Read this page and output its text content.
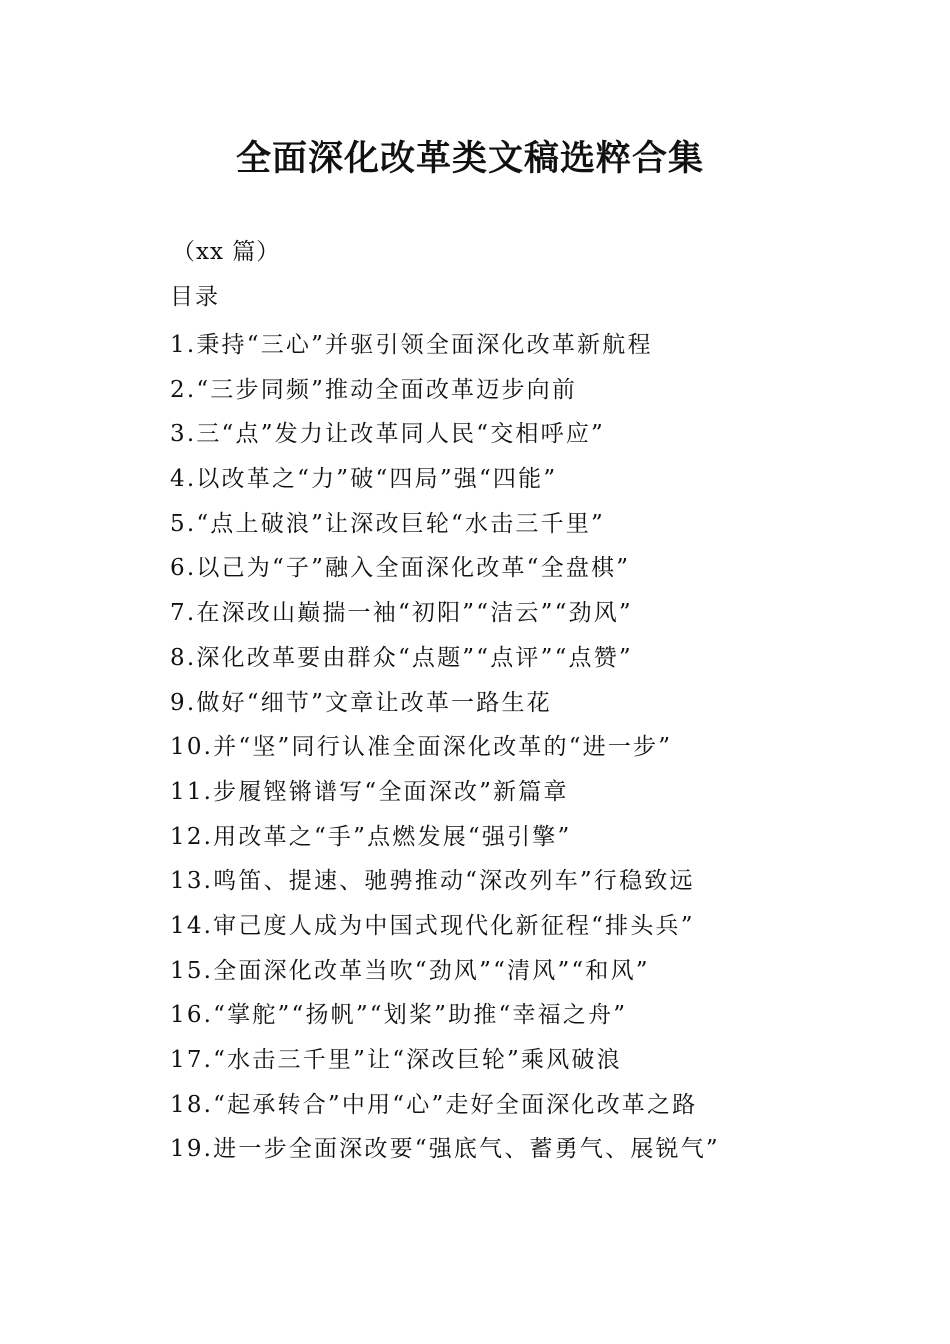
全面深化改革类文稿选粹合集

（xx 篇）

目录

1.秉持“三心”并驱引领全面深化改革新航程
2.“三步同频”推动全面改革迈步向前
3.三“点”发力让改革同人民“交相呼应”
4.以改革之“力”破“四局”强“四能”
5.“点上破浪”让深改巨轮“水击三千里”
6.以己为“子”融入全面深化改革“全盘棋”
7.在深改山巅揣一袖“初阳”“洁云”“劲风”
8.深化改革要由群众“点题”“点评”“点赞”
9.做好“细节”文章让改革一路生花
10.并“坚”同行认准全面深化改革的“进一步”
11.步履铿锵谱写“全面深改”新篇章
12.用改革之“手”点燃发展“强引擎”
13.鸣笛、提速、驰骋推动“深改列车”行稳致远
14.审己度人成为中国式现代化新征程“排头兵”
15.全面深化改革当吹“劲风”“清风”“和风”
16.“掌舵”“扬帆”“划桨”助推“幸福之舟”
17.“水击三千里”让“深改巨轮”乘风破浪
18.“起承转合”中用“心”走好全面深化改革之路
19.进一步全面深改要“强底气、蓄勇气、展锐气”
